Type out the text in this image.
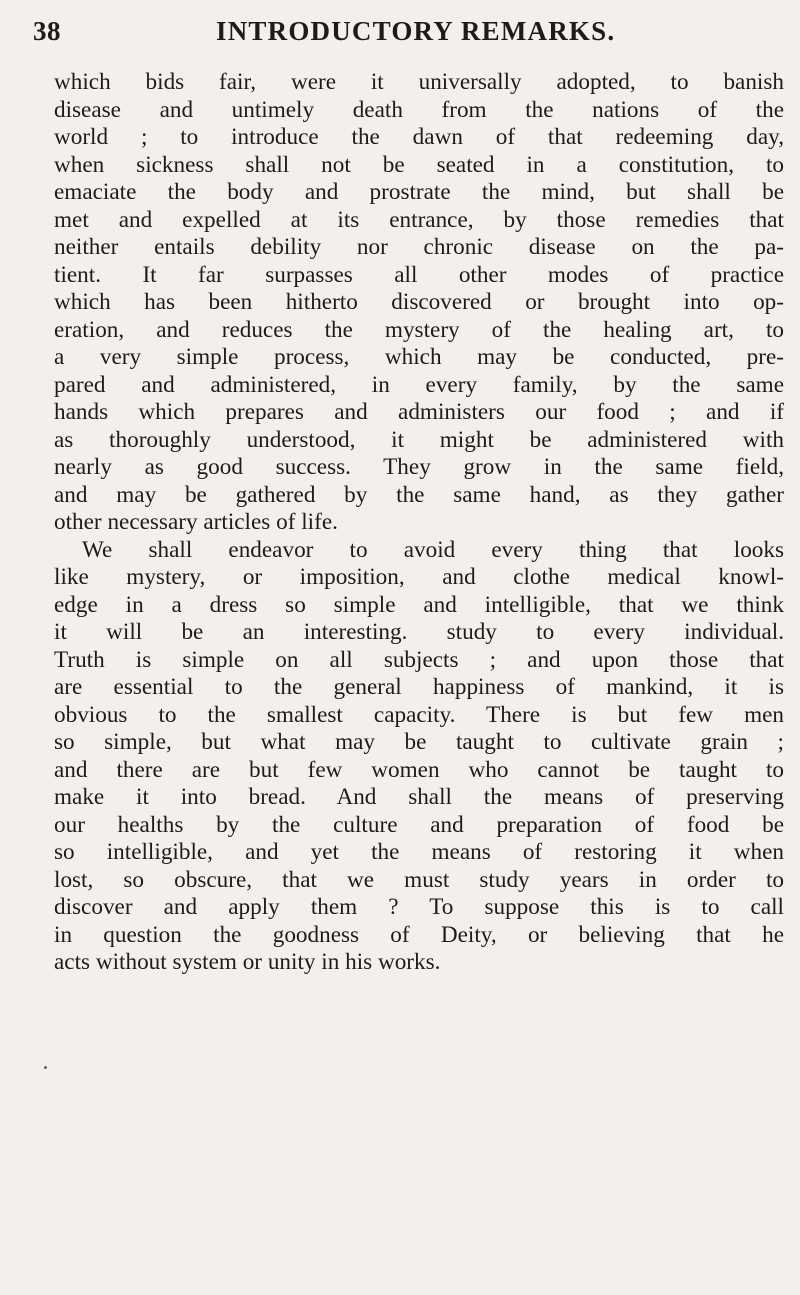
38	INTRODUCTORY REMARKS.
which bids fair, were it universally adopted, to banish
disease and untimely death from the nations of the
world ; to introduce the dawn of that redeeming day,
when sickness shall not be seated in a constitution, to
emaciate the body and prostrate the mind, but shall be
met and expelled at its entrance, by those remedies that
neither entails debility nor chronic disease on the pa-
tient. It far surpasses all other modes of practice
which has been hitherto discovered or brought into op-
eration, and reduces the mystery of the healing art, to
a very simple process, which may be conducted, pre-
pared and administered, in every family, by the same
hands which prepares and administers our food ; and if
as thoroughly understood, it might be administered with
nearly as good success. They grow in the same field,
and may be gathered by the same hand, as they gather
other necessary articles of life.
We shall endeavor to avoid every thing that looks
like mystery, or imposition, and clothe medical knowl-
edge in a dress so simple and intelligible, that we think
it will be an interesting. study to every individual.
Truth is simple on all subjects ; and upon those that
are essential to the general happiness of mankind, it is
obvious to the smallest capacity. There is but few men
so simple, but what may be taught to cultivate grain ;
and there are but few women who cannot be taught to
make it into bread. And shall the means of preserving
our healths by the culture and preparation of food be
so intelligible, and yet the means of restoring it when
lost, so obscure, that we must study years in order to
discover and apply them ? To suppose this is to call
in question the goodness of Deity, or believing that he
acts without system or unity in his works.
